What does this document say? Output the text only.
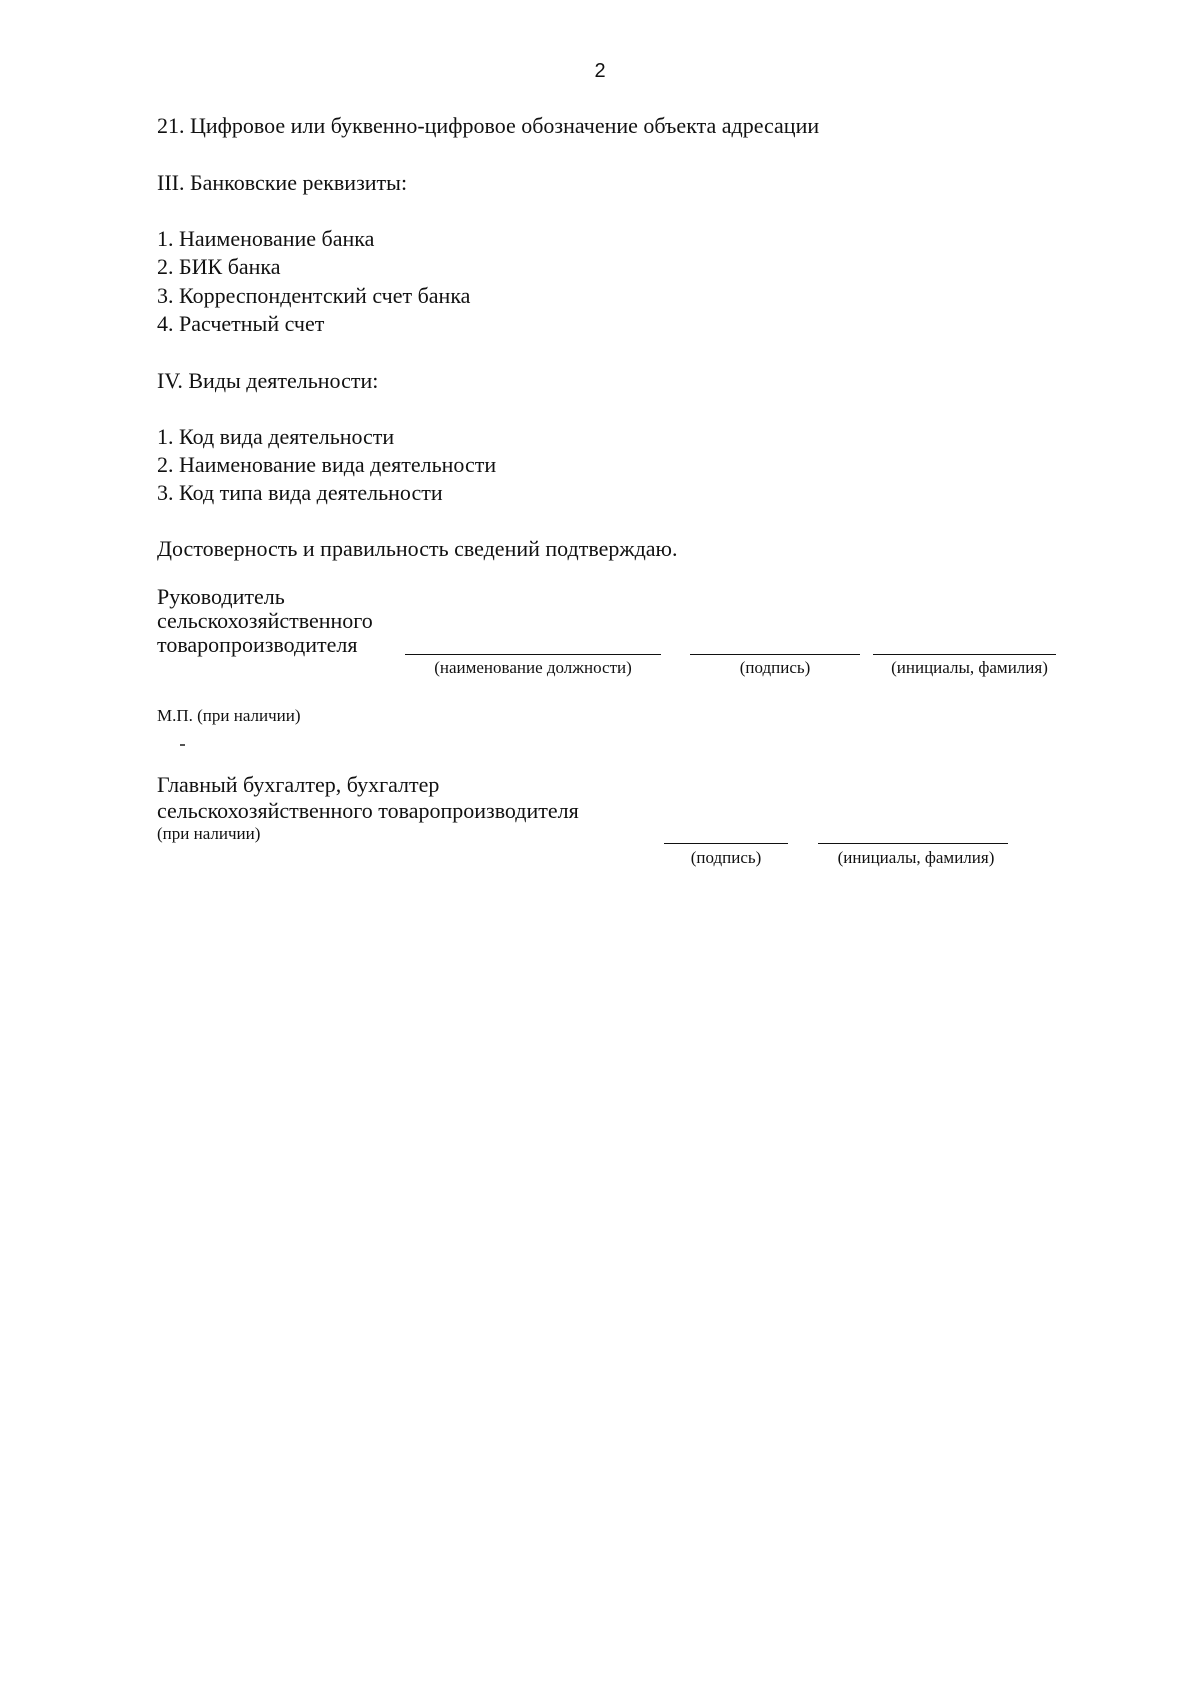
2
21. Цифровое или буквенно-цифровое обозначение объекта адресации
III. Банковские реквизиты:
1. Наименование банка
2. БИК банка
3. Корреспондентский счет банка
4. Расчетный счет
IV. Виды деятельности:
1. Код вида деятельности
2. Наименование вида деятельности
3. Код типа вида деятельности
Достоверность и правильность сведений подтверждаю.
Руководитель
сельскохозяйственного
товаропроизводителя
(наименование должности)	(подпись)	(инициалы, фамилия)
М.П. (при наличии)
Главный бухгалтер, бухгалтер
сельскохозяйственного товаропроизводителя
(при наличии)
(подпись)	(инициалы, фамилия)
